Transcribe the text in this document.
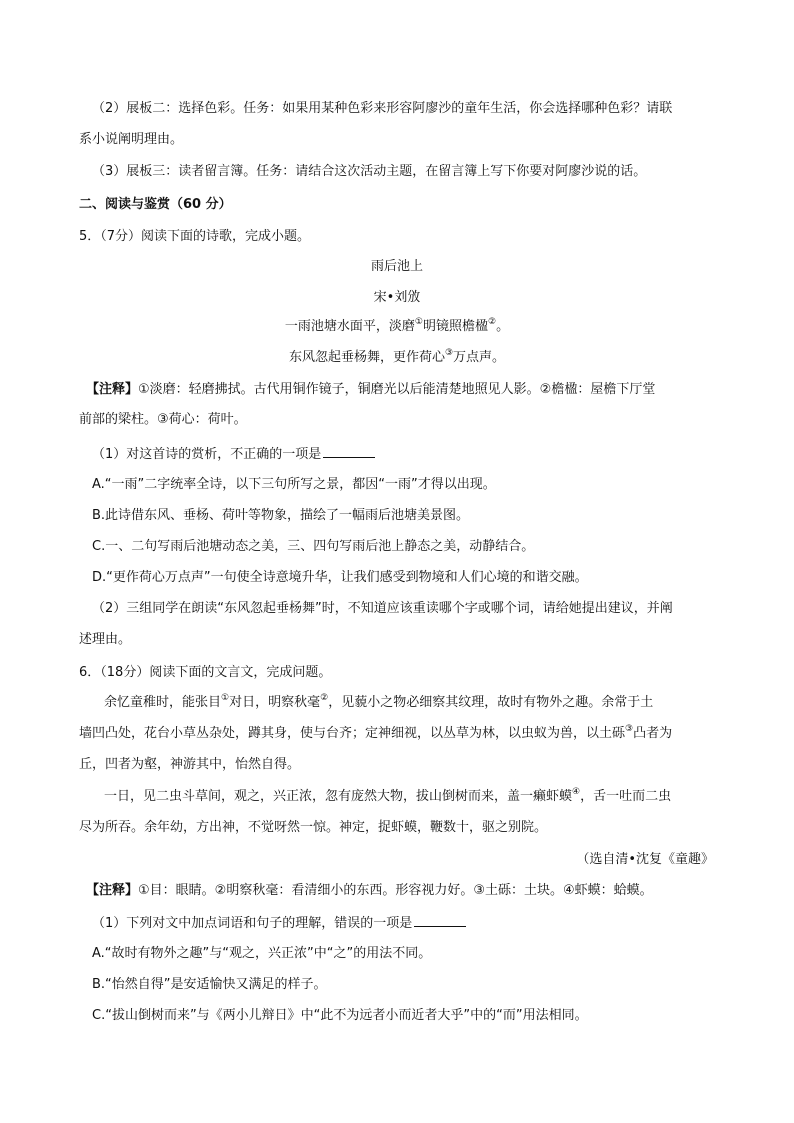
（2）展板二：选择色彩。任务：如果用某种色彩来形容阿廖沙的童年生活，你会选择哪种色彩？请联
系小说阐明理由。
（3）展板三：读者留言簿。任务：请结合这次活动主题，在留言簿上写下你要对阿廖沙说的话。
二、阅读与鉴赏（60 分）
5．（7分）阅读下面的诗歌，完成小题。
雨后池上
宋•刘攽
一雨池塘水面平，淡磨①明镜照檐楹②。
东风忽起垂杨舞，更作荷心③万点声。
【注释】①淡磨：轻磨拂拭。古代用铜作镜子，铜磨光以后能清楚地照见人影。②檐楹：屋檐下厅堂
前部的梁柱。③荷心：荷叶。
（1）对这首诗的赏析，不正确的一项是
A.“一雨”二字统率全诗，以下三句所写之景，都因“一雨”才得以出现。
B.此诗借东风、垂杨、荷叶等物象，描绘了一幅雨后池塘美景图。
C.一、二句写雨后池塘动态之美，三、四句写雨后池上静态之美，动静结合。
D.“更作荷心万点声”一句使全诗意境升华，让我们感受到物境和人们心境的和谐交融。
（2）三组同学在朗读“东风忽起垂杨舞”时，不知道应该重读哪个字或哪个词，请给她提出建议，并阐
述理由。
6．（18分）阅读下面的文言文，完成问题。
余忆童稚时，能张目①对日，明察秋毫②，见藐小之物必细察其纹理，故时有物外之趣。余常于土
墙凹凸处，花台小草丛杂处，蹲其身，使与台齐；定神细视，以丛草为林，以虫蚁为兽，以土砾③凸者为
丘，凹者为壑，神游其中，怡然自得。
一日，见二虫斗草间，观之，兴正浓，忽有庞然大物，拔山倒树而来，盖一癞虾蟆④，舌一吐而二虫
尽为所吞。余年幼，方出神，不觉呀然一惊。神定，捉虾蟆，鞭数十，驱之别院。
（选自清•沈复《童趣》
【注释】①目：眼睛。②明察秋毫：看清细小的东西。形容视力好。③土砾：土块。④虾蟆：蛤蟆。
（1）下列对文中加点词语和句子的理解，错误的一项是
A.“故时有物外之趣”与“观之，兴正浓”中“之”的用法不同。
B.“怡然自得”是安适愉快又满足的样子。
C.“拔山倒树而来”与《两小儿辩日》中“此不为远者小而近者大乎”中的“而”用法相同。
